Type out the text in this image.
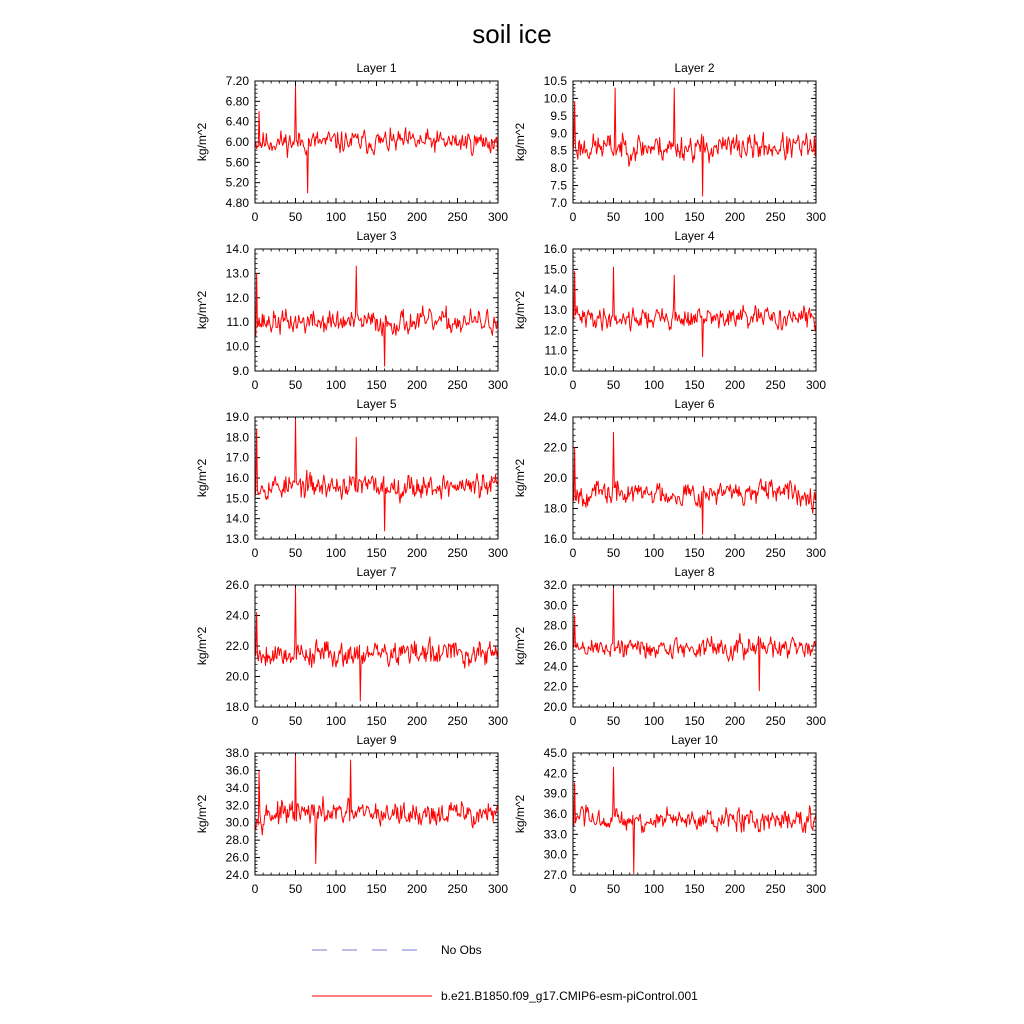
soil ice
Layer 1
kg/m^2
0	50 100 150 200 250 300
4.80
5.20
5.60
6.00
6.40
6.80
7.20
Layer 2
kg/m^2
0	50 100 150 200 250 300
7.0
7.5
8.0
8.5
9.0
9.5
10.0
10.5
Layer 3
kg/m^2
0	50 100 150 200 250 300
9.0
10.0
11.0
12.0
13.0
14.0
Layer 4
kg/m^2
0	50 100 150 200 250 300
10.0
11.0
12.0
13.0
14.0
15.0
16.0
Layer 5
kg/m^2
0	50 100 150 200 250 300
13.0
14.0
15.0
16.0
17.0
18.0
19.0
Layer 6
kg/m^2
0	50 100 150 200 250 300
16.0
18.0
20.0
22.0
24.0
Layer 7
kg/m^2
0	50 100 150 200 250 300
18.0
20.0
22.0
24.0
26.0
Layer 8
kg/m^2
0	50 100 150 200 250 300
20.0
22.0
24.0
26.0
28.0
30.0
32.0
Layer 9
kg/m^2
0	50 100 150 200 250 300
24.0
26.0
28.0
30.0
32.0
34.0
36.0
38.0
Layer 10
kg/m^2
0	50 100 150 200 250 300
27.0
30.0
33.0
36.0
39.0
42.0
45.0
No Obs
b.e21.B1850.f09_g17.CMIP6-esm-piControl.001
